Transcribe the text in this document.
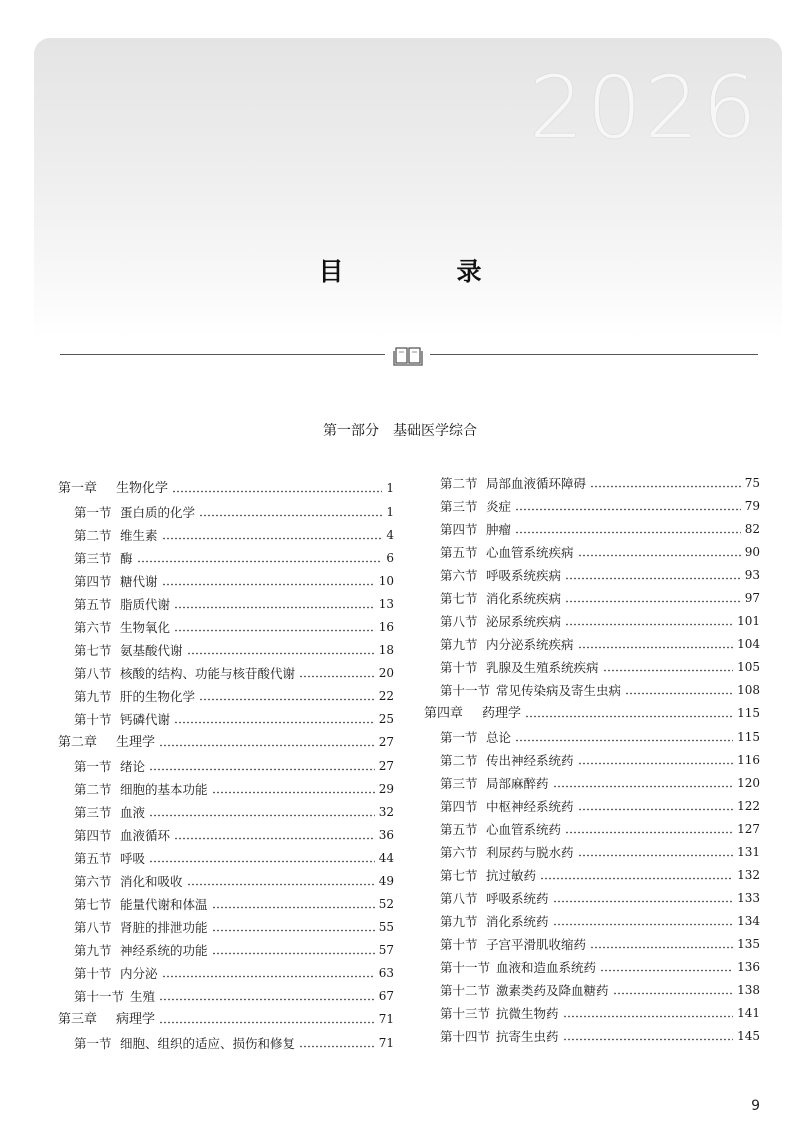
2026
目　录
第一部分　基础医学综合
第一章	生物化学	1
第一节 蛋白质的化学	1
第二节 维生素	4
第三节 酶	6
第四节 糖代谢	10
第五节 脂质代谢	13
第六节 生物氧化	16
第七节 氨基酸代谢	18
第八节 核酸的结构、功能与核苷酸代谢	20
第九节 肝的生物化学	22
第十节 钙磷代谢	25
第二章	生理学	27
第一节 绪论	27
第二节 细胞的基本功能	29
第三节 血液	32
第四节 血液循环	36
第五节 呼吸	44
第六节 消化和吸收	49
第七节 能量代谢和体温	52
第八节 肾脏的排泄功能	55
第九节 神经系统的功能	57
第十节 内分泌	63
第十一节 生殖	67
第三章	病理学	71
第一节 细胞、组织的适应、损伤和修复	71
第二节 局部血液循环障碍	75
第三节 炎症	79
第四节 肿瘤	82
第五节 心血管系统疾病	90
第六节 呼吸系统疾病	93
第七节 消化系统疾病	97
第八节 泌尿系统疾病	101
第九节 内分泌系统疾病	104
第十节 乳腺及生殖系统疾病	105
第十一节 常见传染病及寄生虫病	108
第四章	药理学	115
第一节 总论	115
第二节 传出神经系统药	116
第三节 局部麻醉药	120
第四节 中枢神经系统药	122
第五节 心血管系统药	127
第六节 利尿药与脱水药	131
第七节 抗过敏药	132
第八节 呼吸系统药	133
第九节 消化系统药	134
第十节 子宫平滑肌收缩药	135
第十一节 血液和造血系统药	136
第十二节 激素类药及降血糖药	138
第十三节 抗微生物药	141
第十四节 抗寄生虫药	145
9
